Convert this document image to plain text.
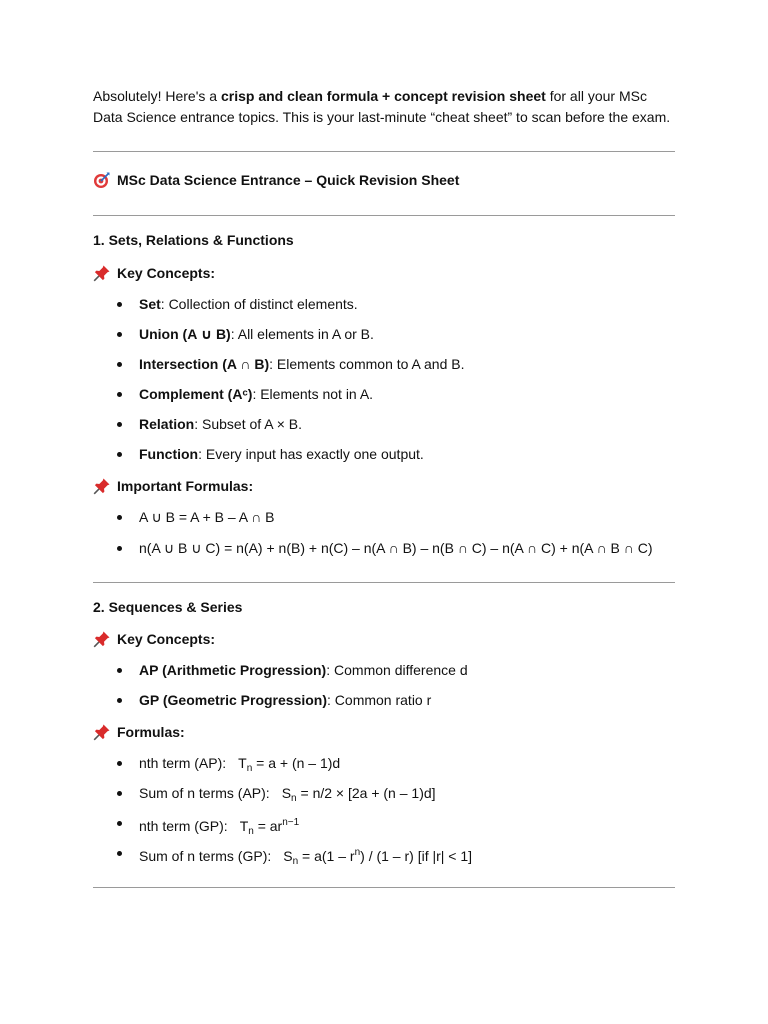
Absolutely! Here's a crisp and clean formula + concept revision sheet for all your MSc Data Science entrance topics. This is your last-minute “cheat sheet” to scan before the exam.

MSc Data Science Entrance – Quick Revision Sheet
1. Sets, Relations & Functions
Key Concepts:
Set: Collection of distinct elements.
Union (A ∪ B): All elements in A or B.
Intersection (A ∩ B): Elements common to A and B.
Complement (Aᶜ): Elements not in A.
Relation: Subset of A × B.
Function: Every input has exactly one output.
Important Formulas:
A ∪ B = A + B – A ∩ B
n(A ∪ B ∪ C) = n(A) + n(B) + n(C) – n(A ∩ B) – n(B ∩ C) – n(A ∩ C) + n(A ∩ B ∩ C)
2. Sequences & Series
Key Concepts:
AP (Arithmetic Progression): Common difference d
GP (Geometric Progression): Common ratio r
Formulas:
nth term (AP): $T_n = a + (n - 1)d$
Sum of n terms (AP): $S_n = n/2 \times [2a + (n - 1)d]$
nth term (GP): $T_n = ar^{n-1}$
Sum of n terms (GP): $S_n = a(1 - r^n) / (1 - r)$ [if |r| < 1]
